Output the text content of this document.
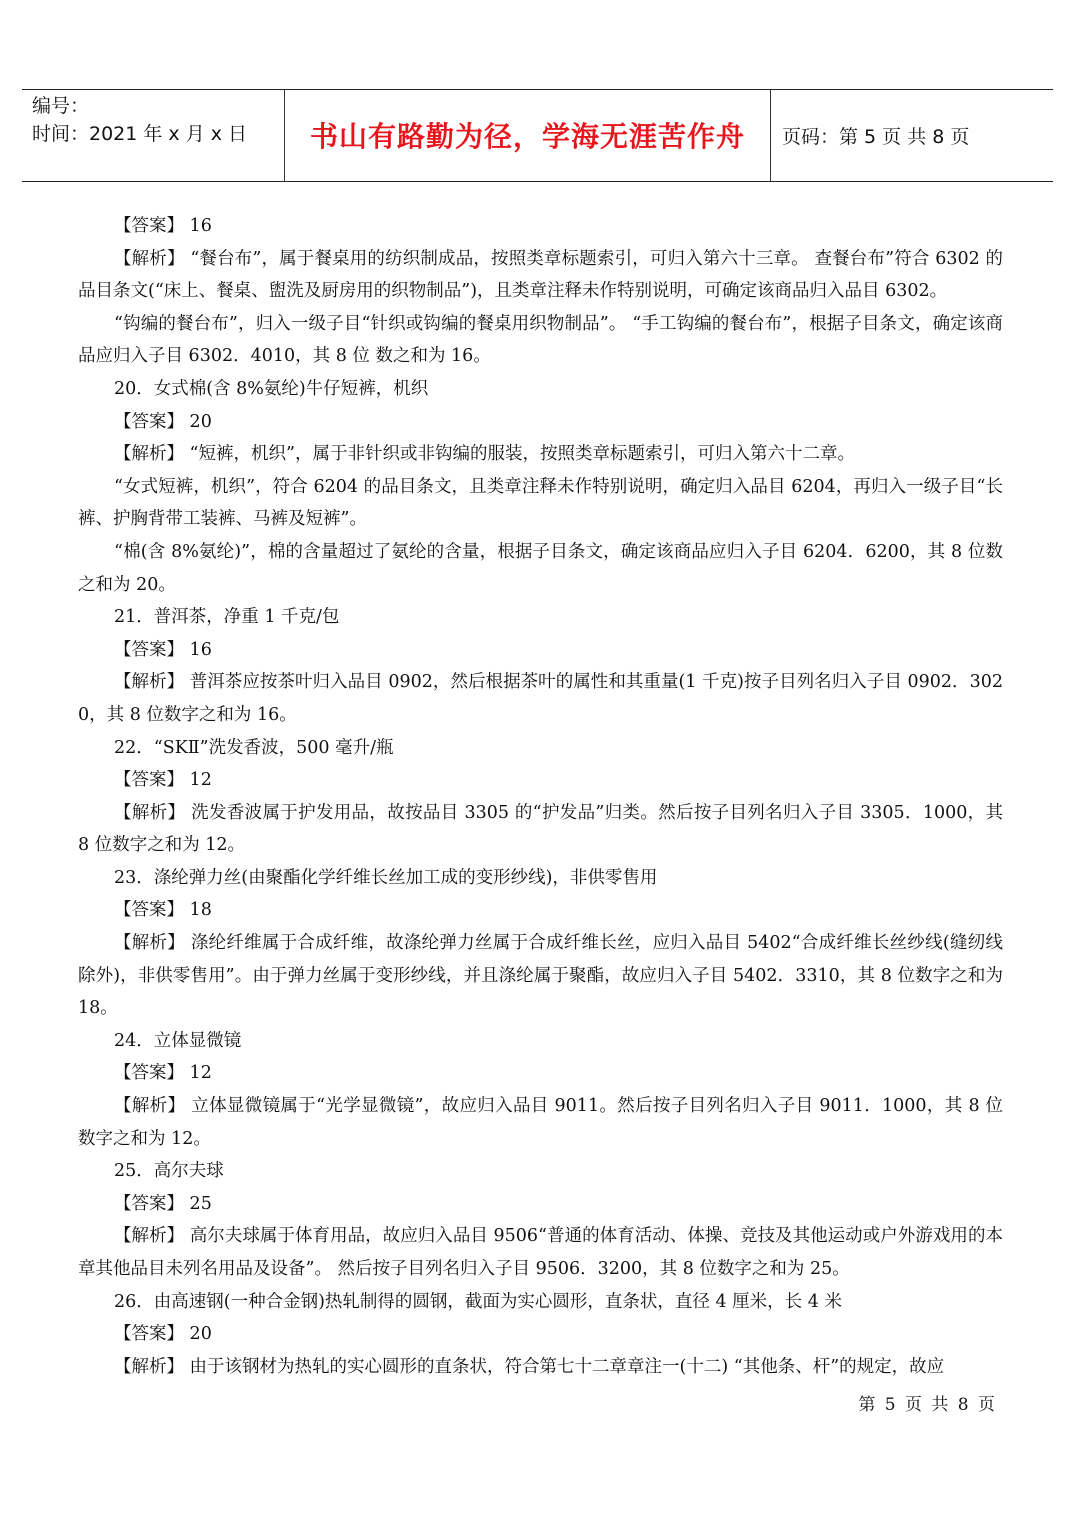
编号：
时间：2021 年 x 月 x 日	书山有路勤为径，学海无涯苦作舟	页码：第 5 页 共 8 页

【答案】 16

【解析】 “餐台布”，属于餐桌用的纺织制成品，按照类章标题索引，可归入第六十三章。 查餐台布”符合 6302 的品目条文(“床上、餐桌、盥洗及厨房用的织物制品”)，且类章注释未作特别说明，可确定该商品归入品目 6302。

“钩编的餐台布”，归入一级子目“针织或钩编的餐桌用织物制品”。 “手工钩编的餐台布”，根据子目条文，确定该商品应归入子目 6302．4010，其 8 位 数之和为 16。

20．女式棉(含 8%氨纶)牛仔短裤，机织

【答案】 20

【解析】 “短裤，机织”，属于非针织或非钩编的服装，按照类章标题索引，可归入第六十二章。

“女式短裤，机织”，符合 6204 的品目条文，且类章注释未作特别说明，确定归入品目 6204，再归入一级子目“长裤、护胸背带工装裤、马裤及短裤”。

“棉(含 8%氨纶)”，棉的含量超过了氨纶的含量，根据子目条文，确定该商品应归入子目 6204．6200，其 8 位数之和为 20。

21．普洱茶，净重 1 千克/包

【答案】 16

【解析】 普洱茶应按茶叶归入品目 0902，然后根据茶叶的属性和其重量(1 千克)按子目列名归入子目 0902．3020，其 8 位数字之和为 16。

22．“SKⅡ”洗发香波，500 毫升/瓶

【答案】 12

【解析】 洗发香波属于护发用品，故按品目 3305 的“护发品”归类。然后按子目列名归入子目 3305．1000，其 8 位数字之和为 12。

23．涤纶弹力丝(由聚酯化学纤维长丝加工成的变形纱线)，非供零售用

【答案】 18

【解析】 涤纶纤维属于合成纤维，故涤纶弹力丝属于合成纤维长丝，应归入品目 5402“合成纤维长丝纱线(缝纫线除外)，非供零售用”。由于弹力丝属于变形纱线，并且涤纶属于聚酯，故应归入子目 5402．3310，其 8 位数字之和为 18。

24．立体显微镜

【答案】 12

【解析】 立体显微镜属于“光学显微镜”，故应归入品目 9011。然后按子目列名归入子目 9011．1000，其 8 位数字之和为 12。

25．高尔夫球

【答案】 25

【解析】 高尔夫球属于体育用品，故应归入品目 9506“普通的体育活动、体操、竞技及其他运动或户外游戏用的本章其他品目未列名用品及设备”。 然后按子目列名归入子目 9506．3200，其 8 位数字之和为 25。

26．由高速钢(一种合金钢)热轧制得的圆钢，截面为实心圆形，直条状，直径 4 厘米，长 4 米

【答案】 20

【解析】 由于该钢材为热轧的实心圆形的直条状，符合第七十二章章注一(十二) “其他条、杆”的规定，故应

第 5 页 共 8 页
